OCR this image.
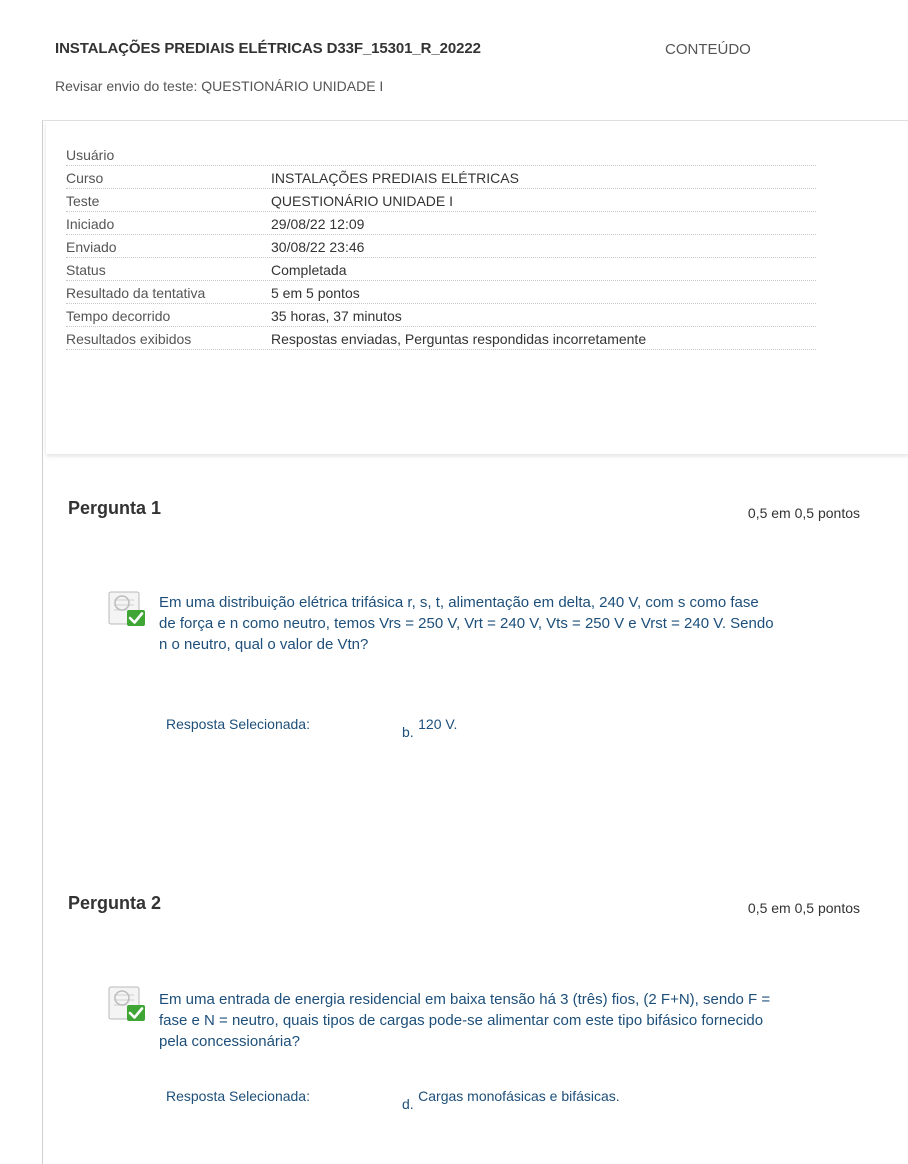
INSTALAÇÕES PREDIAIS ELÉTRICAS D33F_15301_R_20222	CONTEÚDO
Revisar envio do teste: QUESTIONÁRIO UNIDADE I
Usuário
Curso	INSTALAÇÕES PREDIAIS ELÉTRICAS
Teste	QUESTIONÁRIO UNIDADE I
Iniciado	29/08/22 12:09
Enviado	30/08/22 23:46
Status	Completada
Resultado da tentativa	5 em 5 pontos
Tempo decorrido	35 horas, 37 minutos
Resultados exibidos	Respostas enviadas, Perguntas respondidas incorretamente
Pergunta 1	0,5 em 0,5 pontos
Em uma distribuição elétrica trifásica r, s, t, alimentação em delta, 240 V, com s como fase de força e n como neutro, temos Vrs = 250 V, Vrt = 240 V, Vts = 250 V e Vrst = 240 V. Sendo n o neutro, qual o valor de Vtn?
Resposta Selecionada:	b. 120 V.
Pergunta 2	0,5 em 0,5 pontos
Em uma entrada de energia residencial em baixa tensão há 3 (três) fios, (2 F+N), sendo F = fase e N = neutro, quais tipos de cargas pode-se alimentar com este tipo bifásico fornecido pela concessionária?
Resposta Selecionada:	d. Cargas monofásicas e bifásicas.
